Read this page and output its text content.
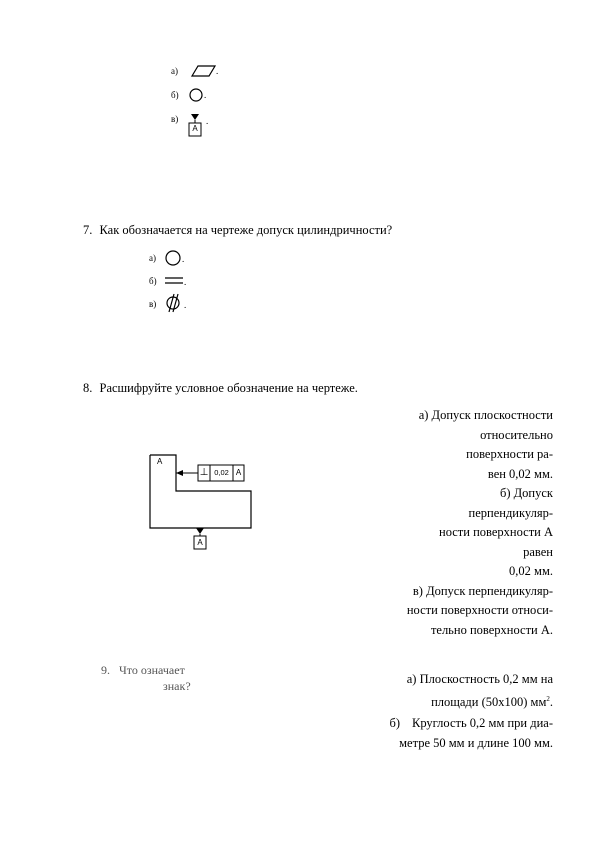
а)	.
б)	.
в)
А
.
7. Как обозначается на чертеже допуск цилиндричности?
а)	.
б)	.
в)	.
8. Расшифруйте условное обозначение на чертеже.
А
⊥ 0,02 А
А
а) Допуск плоскостности
относительно
поверхности ра-
вен 0,02 мм.
б) Допуск
перпендикуляр-
ности поверхности А
равен
0,02 мм.
в) Допуск перпендикуляр-
ности поверхности относи-
тельно поверхности А.
9. Что означает
знак?	а) Плоскостность 0,2 мм на
площади (50х100) $мм^2$.
б) Круглость 0,2 мм при диа-
метре 50 мм и длине 100 мм.
